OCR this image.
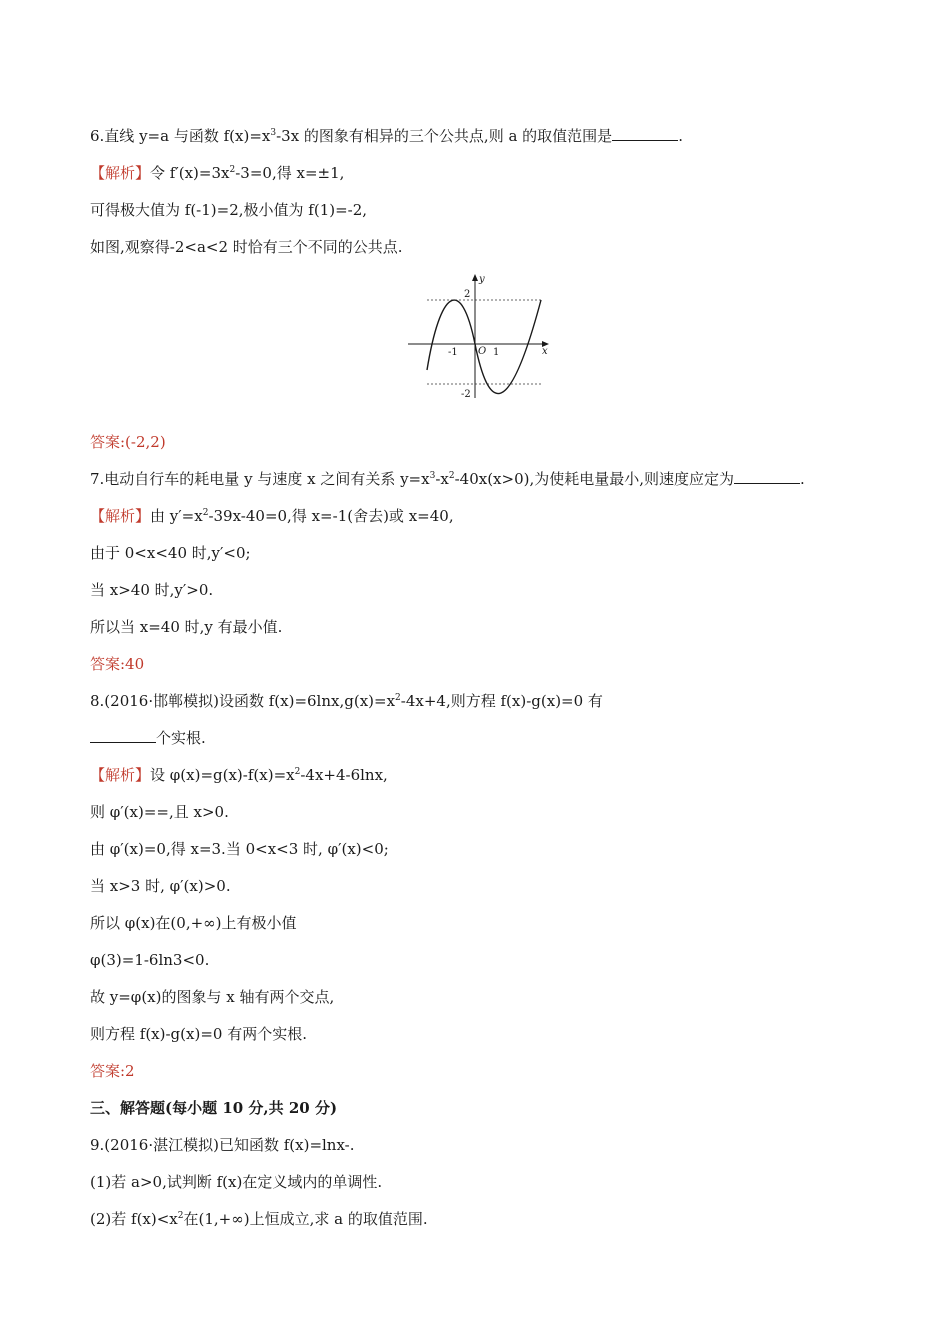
6.直线 y=a 与函数 $f(x)=x^3-3x$ 的图象有相异的三个公共点,则 a 的取值范围是	.
【解析】令 $f'(x)=3x^2-3=0$,得 x=±1,
可得极大值为 f(-1)=2,极小值为 f(1)=-2,
如图,观察得-2<a<2 时恰有三个不同的公共点.
y
x
O
-1	1
2
-2
答案:(-2,2)
7.电动自行车的耗电量 y 与速度 x 之间有关系 $y=x^3-x^2-40x(x>0)$,为使耗电量最小,则速度应定为	.
【解析】由 $y'=x^2-39x-40=0$,得 x=-1(舍去)或 x=40,
由于 0<x<40 时,y′<0;
当 x>40 时,y′>0.
所以当 x=40 时,y 有最小值.
答案:40
8.(2016·邯郸模拟)设函数 $f(x)=6\ln x,g(x)=x^2-4x+4$,则方程 f(x)-g(x)=0 有
个实根.
【解析】设 $\varphi(x)=g(x)-f(x)=x^2-4x+4-6\ln x$,
则 φ′(x)==,且 x>0.
由 φ′(x)=0,得 x=3.当 0<x<3 时, φ′(x)<0;
当 x>3 时, φ′(x)>0.
所以 φ(x)在(0,+∞)上有极小值
φ(3)=1-6ln3<0.
故 y=φ(x)的图象与 x 轴有两个交点,
则方程 f(x)-g(x)=0 有两个实根.
答案:2
三、解答题(每小题 10 分,共 20 分)
9.(2016·湛江模拟)已知函数 f(x)=lnx-.
(1)若 a>0,试判断 f(x)在定义域内的单调性.
(2)若 $f(x)<x^2$在(1,+∞)上恒成立,求 a 的取值范围.
